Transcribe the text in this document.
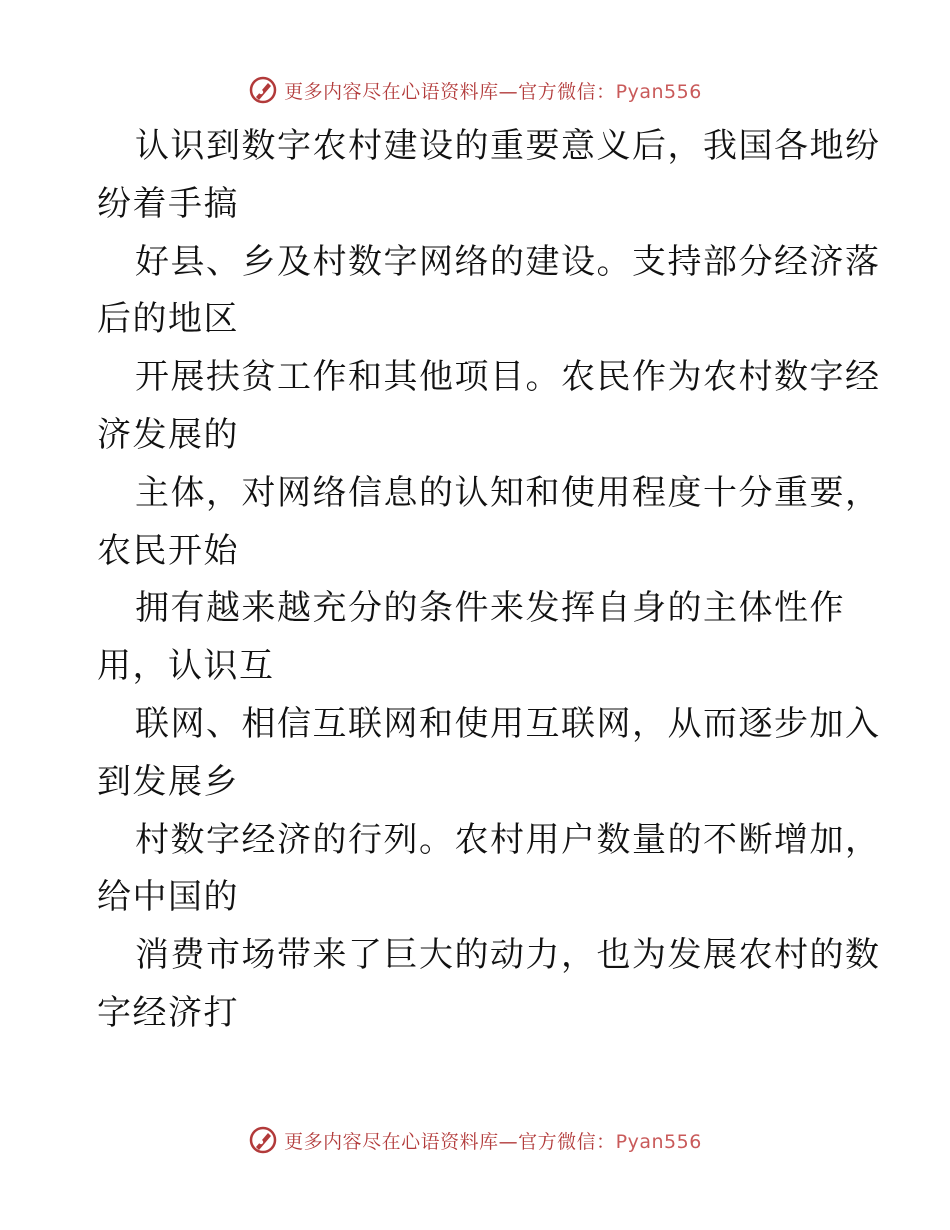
更多内容尽在心语资料库—官方微信：Pyan556
认识到数字农村建设的重要意义后，我国各地纷
纷着手搞
好县、乡及村数字网络的建设。支持部分经济落
后的地区
开展扶贫工作和其他项目。农民作为农村数字经
济发展的
主体，对网络信息的认知和使用程度十分重要，
农民开始
拥有越来越充分的条件来发挥自身的主体性作
用，认识互
联网、相信互联网和使用互联网，从而逐步加入
到发展乡
村数字经济的行列。农村用户数量的不断增加，
给中国的
消费市场带来了巨大的动力，也为发展农村的数
字经济打
更多内容尽在心语资料库—官方微信：Pyan556
